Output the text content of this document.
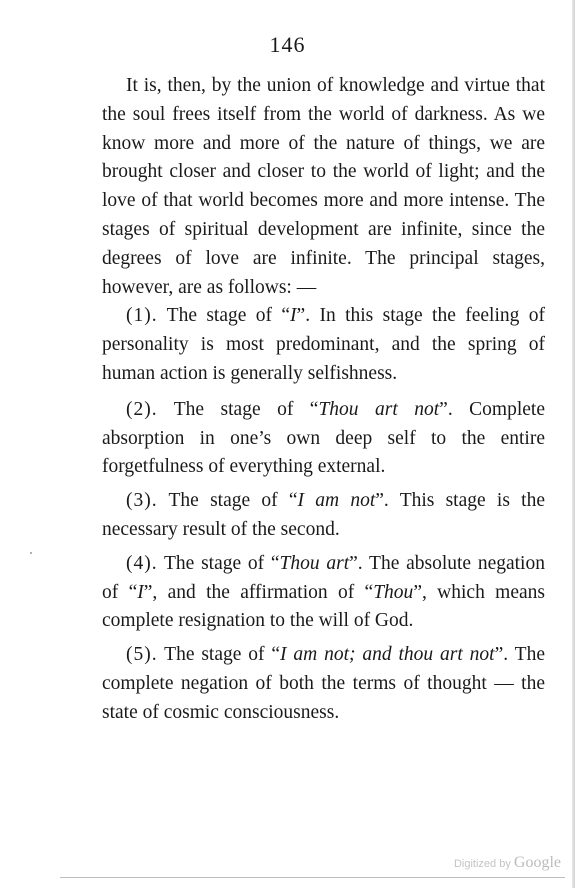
146

It is, then, by the union of knowledge and virtue that the soul frees itself from the world of darkness. As we know more and more of the nature of things, we are brought closer and closer to the world of light; and the love of that world becomes more and more intense. The stages of spiritual development are infinite, since the degrees of love are infinite. The principal stages, however, are as follows: —

(1). The stage of “I”. In this stage the feeling of personality is most predominant, and the spring of human action is generally selfishness.

(2). The stage of “Thou art not”. Complete absorption in one’s own deep self to the entire forgetfulness of everything external.

(3). The stage of “I am not”. This stage is the necessary result of the second.

(4). The stage of “Thou art”. The absolute negation of “I”, and the affirmation of “Thou”, which means complete resignation to the will of God.

(5). The stage of “I am not; and thou art not”. The complete negation of both the terms of thought — the state of cosmic consciousness.

Digitized by Google
